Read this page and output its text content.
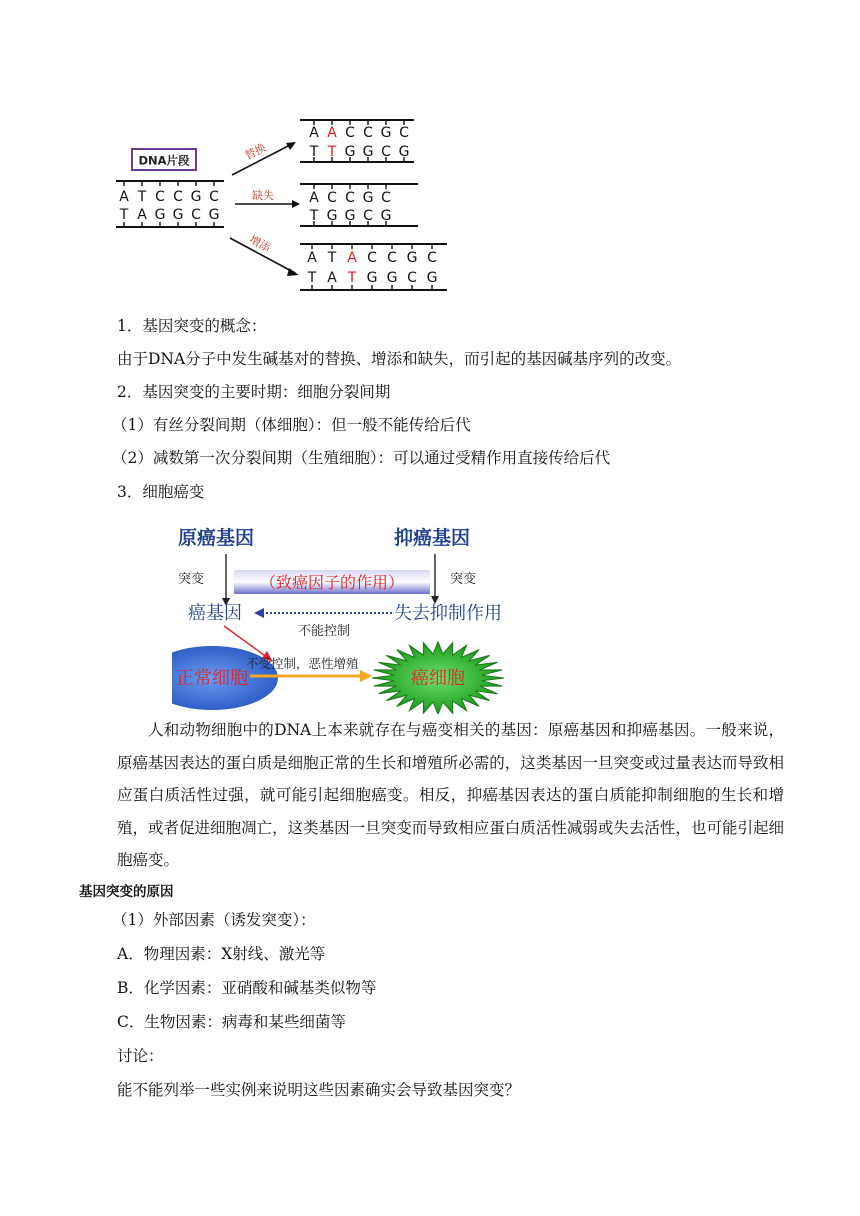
DNA片段
A T C C G C
T A G G C G
替换
缺失
增添
A A C C G C
T T G G C G
A C C G C
T G G C G
A T A C C G C
T A T G G C G
1．基因突变的概念：
由于DNA分子中发生碱基对的替换、增添和缺失，而引起的基因碱基序列的改变。
2．基因突变的主要时期：细胞分裂间期
（1）有丝分裂间期（体细胞）：但一般不能传给后代
（2）减数第一次分裂间期（生殖细胞）：可以通过受精作用直接传给后代
3．细胞癌变
原癌基因	抑癌基因
突变	突变
（致癌因子的作用）
癌基因	失去抑制作用
不能控制
正常细胞
不受控制，恶性增殖
癌细胞
人和动物细胞中的DNA上本来就存在与癌变相关的基因：原癌基因和抑癌基因。一般来说，原癌基因表达的蛋白质是细胞正常的生长和增殖所必需的，这类基因一旦突变或过量表达而导致相应蛋白质活性过强，就可能引起细胞癌变。相反，抑癌基因表达的蛋白质能抑制细胞的生长和增殖，或者促进细胞凋亡，这类基因一旦突变而导致相应蛋白质活性减弱或失去活性，也可能引起细胞癌变。
基因突变的原因
（1）外部因素（诱发突变）：
A．物理因素：X射线、激光等
B．化学因素：亚硝酸和碱基类似物等
C．生物因素：病毒和某些细菌等
讨论：
能不能列举一些实例来说明这些因素确实会导致基因突变？
